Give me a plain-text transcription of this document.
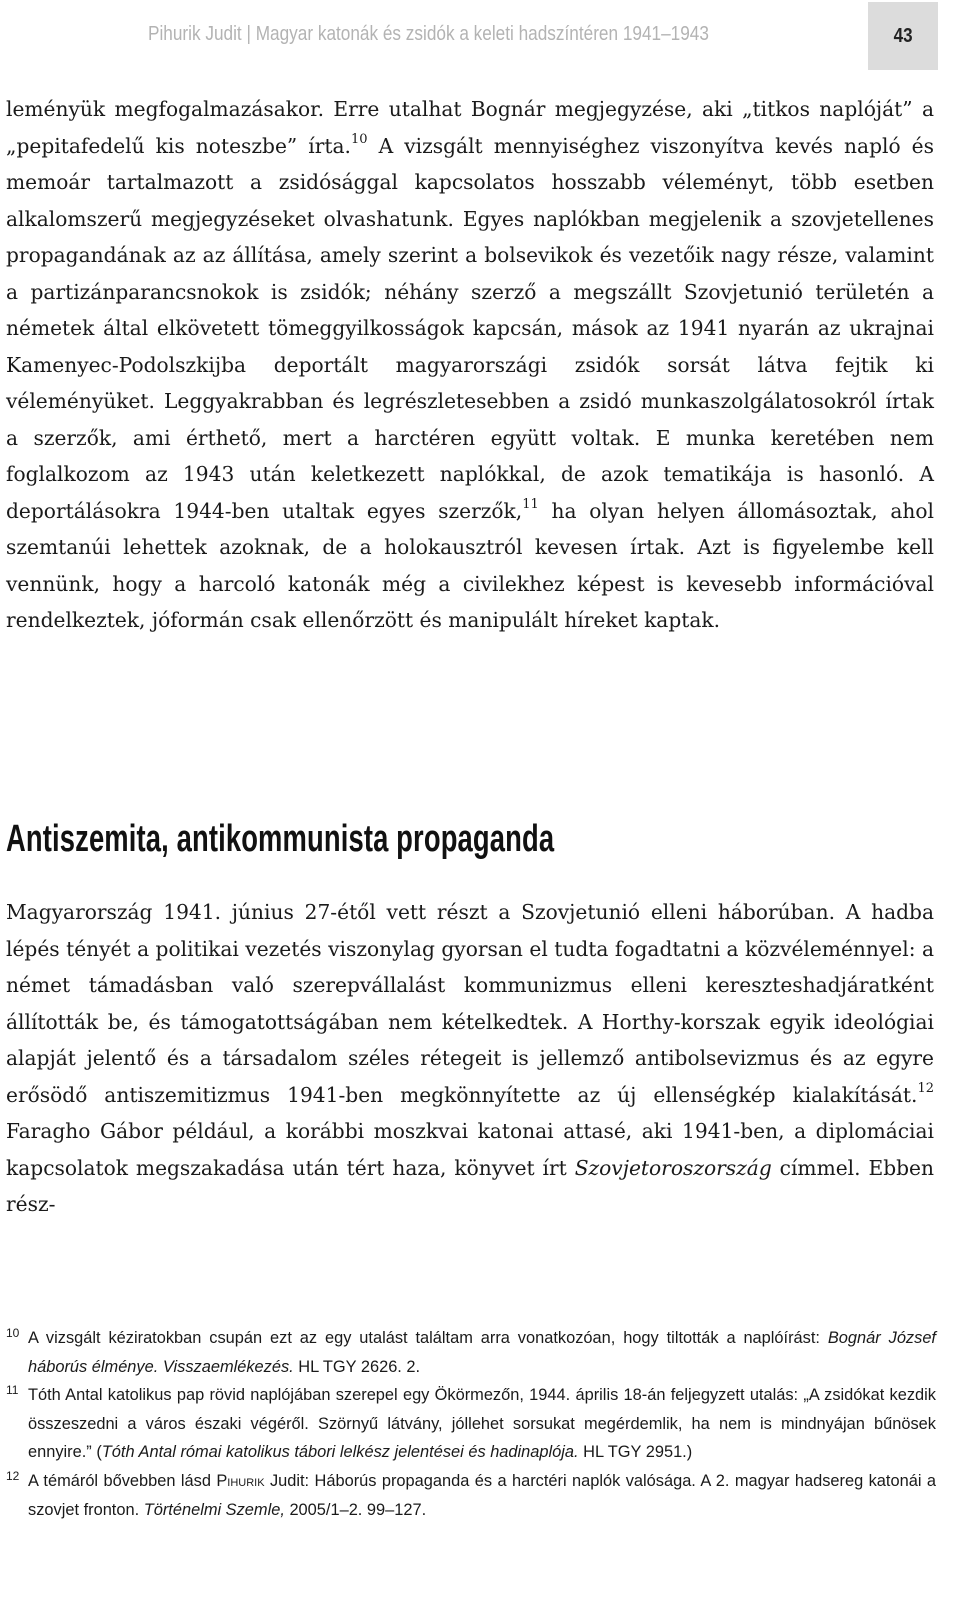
Pihurik Judit | Magyar katonák és zsidók a keleti hadszíntéren 1941–1943	43

leményük megfogalmazásakor. Erre utalhat Bognár megjegyzése, aki „titkos naplóját” a „pepitafedelű kis noteszbe” írta.$^{10}$ A vizsgált mennyiséghez viszonyítva kevés napló és memoár tartalmazott a zsidósággal kapcsolatos hosszabb véleményt, több esetben alkalomszerű megjegyzéseket olvashatunk. Egyes naplókban megjelenik a szovjetellenes propagandának az az állítása, amely szerint a bolsevikok és vezetőik nagy része, valamint a partizánparancsnokok is zsidók; néhány szerző a megszállt Szovjetunió területén a németek által elkövetett tömeggyilkosságok kapcsán, mások az 1941 nyarán az ukrajnai Kamenyec-Podolszkijba deportált magyarországi zsidók sorsát látva fejtik ki véleményüket. Leggyakrabban és legrészletesebben a zsidó munkaszolgálatosokról írtak a szerzők, ami érthető, mert a harctéren együtt voltak. E munka keretében nem foglalkozom az 1943 után keletkezett naplókkal, de azok tematikája is hasonló. A deportálásokra 1944-ben utaltak egyes szerzők,$^{11}$ ha olyan helyen állomásoztak, ahol szemtanúi lehettek azoknak, de a holokausztról kevesen írtak. Azt is figyelembe kell vennünk, hogy a harcoló katonák még a civilekhez képest is kevesebb információval rendelkeztek, jóformán csak ellenőrzött és manipulált híreket kaptak.

Antiszemita, antikommunista propaganda

Magyarország 1941. június 27-étől vett részt a Szovjetunió elleni háborúban. A hadba lépés tényét a politikai vezetés viszonylag gyorsan el tudta fogadtatni a közvéleménnyel: a német támadásban való szerepvállalást kommunizmus elleni kereszteshadjáratként állították be, és támogatottságában nem kételkedtek. A Horthy-korszak egyik ideológiai alapját jelentő és a társadalom széles rétegeit is jellemző antibolsevizmus és az egyre erősödő antiszemitizmus 1941-ben megkönnyítette az új ellenségkép kialakítását.$^{12}$ Faragho Gábor például, a korábbi moszkvai katonai attasé, aki 1941-ben, a diplomáciai kapcsolatok megszakadása után tért haza, könyvet írt Szovjetoroszország címmel. Ebben rész-

10 A vizsgált kéziratokban csupán ezt az egy utalást találtam arra vonatkozóan, hogy tiltották a naplóírást: Bognár József háborús élménye. Visszaemlékezés. HL TGY 2626. 2.
11 Tóth Antal katolikus pap rövid naplójában szerepel egy Ökörmezőn, 1944. április 18-án feljegyzett utalás: „A zsidókat kezdik összeszedni a város északi végéről. Szörnyű látvány, jóllehet sorsukat megérdemlik, ha nem is mindnyájan bűnösek ennyire.” (Tóth Antal római katolikus tábori lelkész jelentései és hadinaplója. HL TGY 2951.)
12 A témáról bővebben lásd Pihurik Judit: Háborús propaganda és a harctéri naplók valósága. A 2. magyar hadsereg katonái a szovjet fronton. Történelmi Szemle, 2005/1–2. 99–127.
